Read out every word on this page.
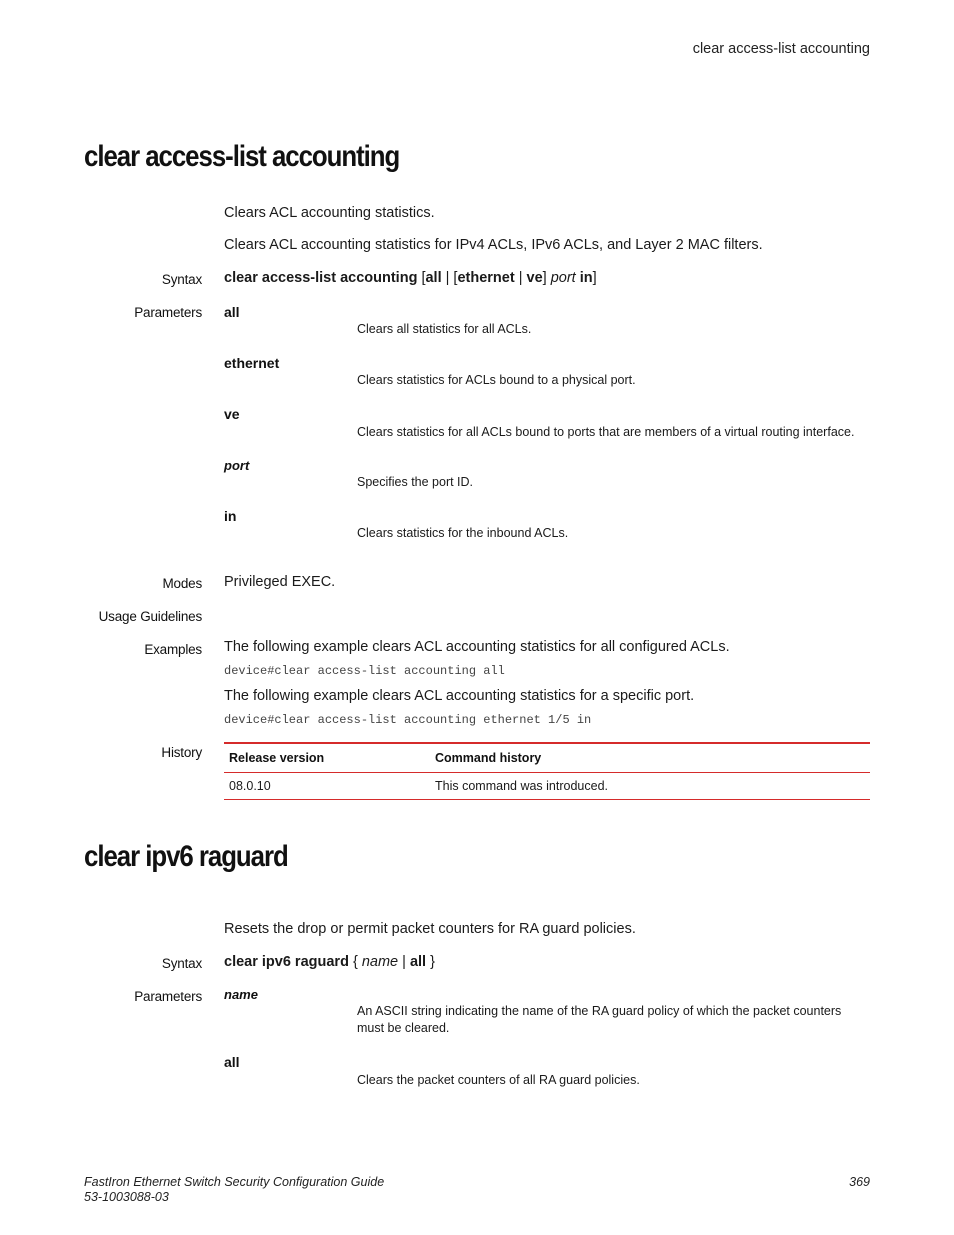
clear access-list accounting
clear access-list accounting
Clears ACL accounting statistics.
Clears ACL accounting statistics for IPv4 ACLs, IPv6 ACLs, and Layer 2 MAC filters.
Syntax clear access-list accounting [all | [ethernet | ve] port in]
Parameters all
Clears all statistics for all ACLs.
ethernet
Clears statistics for ACLs bound to a physical port.
ve
Clears statistics for all ACLs bound to ports that are members of a virtual routing interface.
port
Specifies the port ID.
in
Clears statistics for the inbound ACLs.
Modes Privileged EXEC.
Usage Guidelines
Examples The following example clears ACL accounting statistics for all configured ACLs.
device#clear access-list accounting all
The following example clears ACL accounting statistics for a specific port.
device#clear access-list accounting ethernet 1/5 in
History Release version	Command history
08.0.10	This command was introduced.
clear ipv6 raguard
Resets the drop or permit packet counters for RA guard policies.
Syntax clear ipv6 raguard { name | all }
Parameters name
An ASCII string indicating the name of the RA guard policy of which the packet counters must be cleared.
all
Clears the packet counters of all RA guard policies.
FastIron Ethernet Switch Security Configuration Guide
53-1003088-03
369
